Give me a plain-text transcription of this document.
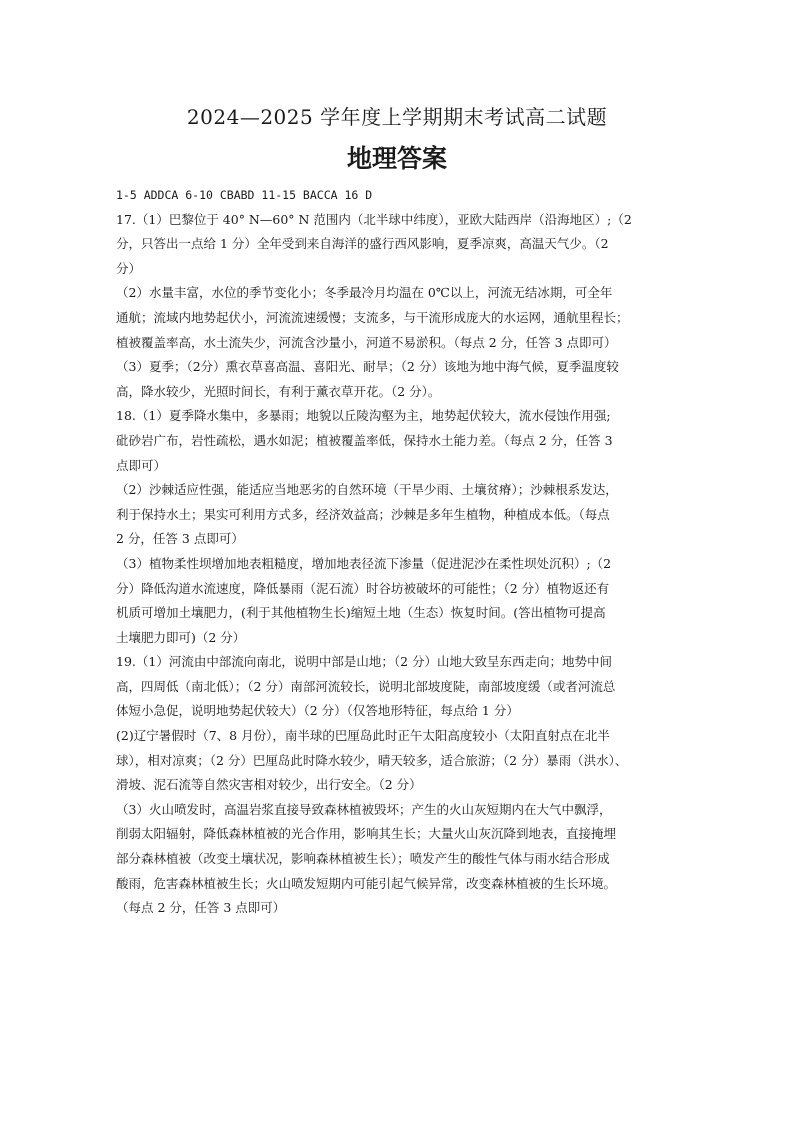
2024—2025 学年度上学期期末考试高二试题
地理答案

1-5 ADDCA 6-10 CBABD 11-15 BACCA 16 D

17.（1）巴黎位于 40° N—60° N 范围内（北半球中纬度），亚欧大陆西岸（沿海地区）;（2

分，只答出一点给 1 分）全年受到来自海洋的盛行西风影响，夏季凉爽，高温天气少。（2

分）

（2）水量丰富，水位的季节变化小；冬季最冷月均温在 0℃以上，河流无结冰期，可全年

通航；流域内地势起伏小，河流流速缓慢；支流多，与干流形成庞大的水运网，通航里程长；

植被覆盖率高，水土流失少，河流含沙量小，河道不易淤积。（每点 2 分，任答 3 点即可）

（3）夏季；（2分）熏衣草喜高温、喜阳光、耐旱；（2 分）该地为地中海气候，夏季温度较

高，降水较少，光照时间长，有利于薰衣草开花。（2 分）。

18.（1）夏季降水集中，多暴雨；地貌以丘陵沟壑为主，地势起伏较大，流水侵蚀作用强;

砒砂岩广布，岩性疏松，遇水如泥；植被覆盖率低，保持水土能力差。（每点 2 分，任答 3

点即可）

（2）沙棘适应性强，能适应当地恶劣的自然环境（干旱少雨、土壤贫瘠）；沙棘根系发达，

利于保持水土；果实可利用方式多，经济效益高；沙棘是多年生植物，种植成本低。（每点

2 分，任答 3 点即可）

（3）植物柔性坝增加地表粗糙度，增加地表径流下渗量（促进泥沙在柔性坝处沉积）;（2

分）降低沟道水流速度，降低暴雨（泥石流）时谷坊被破坏的可能性；（2 分）植物返还有

机质可增加土壤肥力，(利于其他植物生长)缩短土地（生态）恢复时间。(答出植物可提高

土壤肥力即可)（2 分）

19.（1）河流由中部流向南北，说明中部是山地；（2 分）山地大致呈东西走向；地势中间

高，四周低（南北低）；（2 分）南部河流较长，说明北部坡度陡，南部坡度缓（或者河流总

体短小急促，说明地势起伏较大）（2 分）（仅答地形特征，每点给 1 分）

(2)辽宁暑假时（7、8 月份），南半球的巴厘岛此时正午太阳高度较小（太阳直射点在北半

球），相对凉爽；（2 分）巴厘岛此时降水较少，晴天较多，适合旅游；（2 分）暴雨（洪水）、

滑坡、泥石流等自然灾害相对较少，出行安全。（2 分）

（3）火山喷发时，高温岩浆直接导致森林植被毁坏；产生的火山灰短期内在大气中飘浮，

削弱太阳辐射，降低森林植被的光合作用，影响其生长；大量火山灰沉降到地表，直接掩埋

部分森林植被（改变土壤状况，影响森林植被生长）；喷发产生的酸性气体与雨水结合形成

酸雨，危害森林植被生长；火山喷发短期内可能引起气候异常，改变森林植被的生长环境。

（每点 2 分，任答 3 点即可）
